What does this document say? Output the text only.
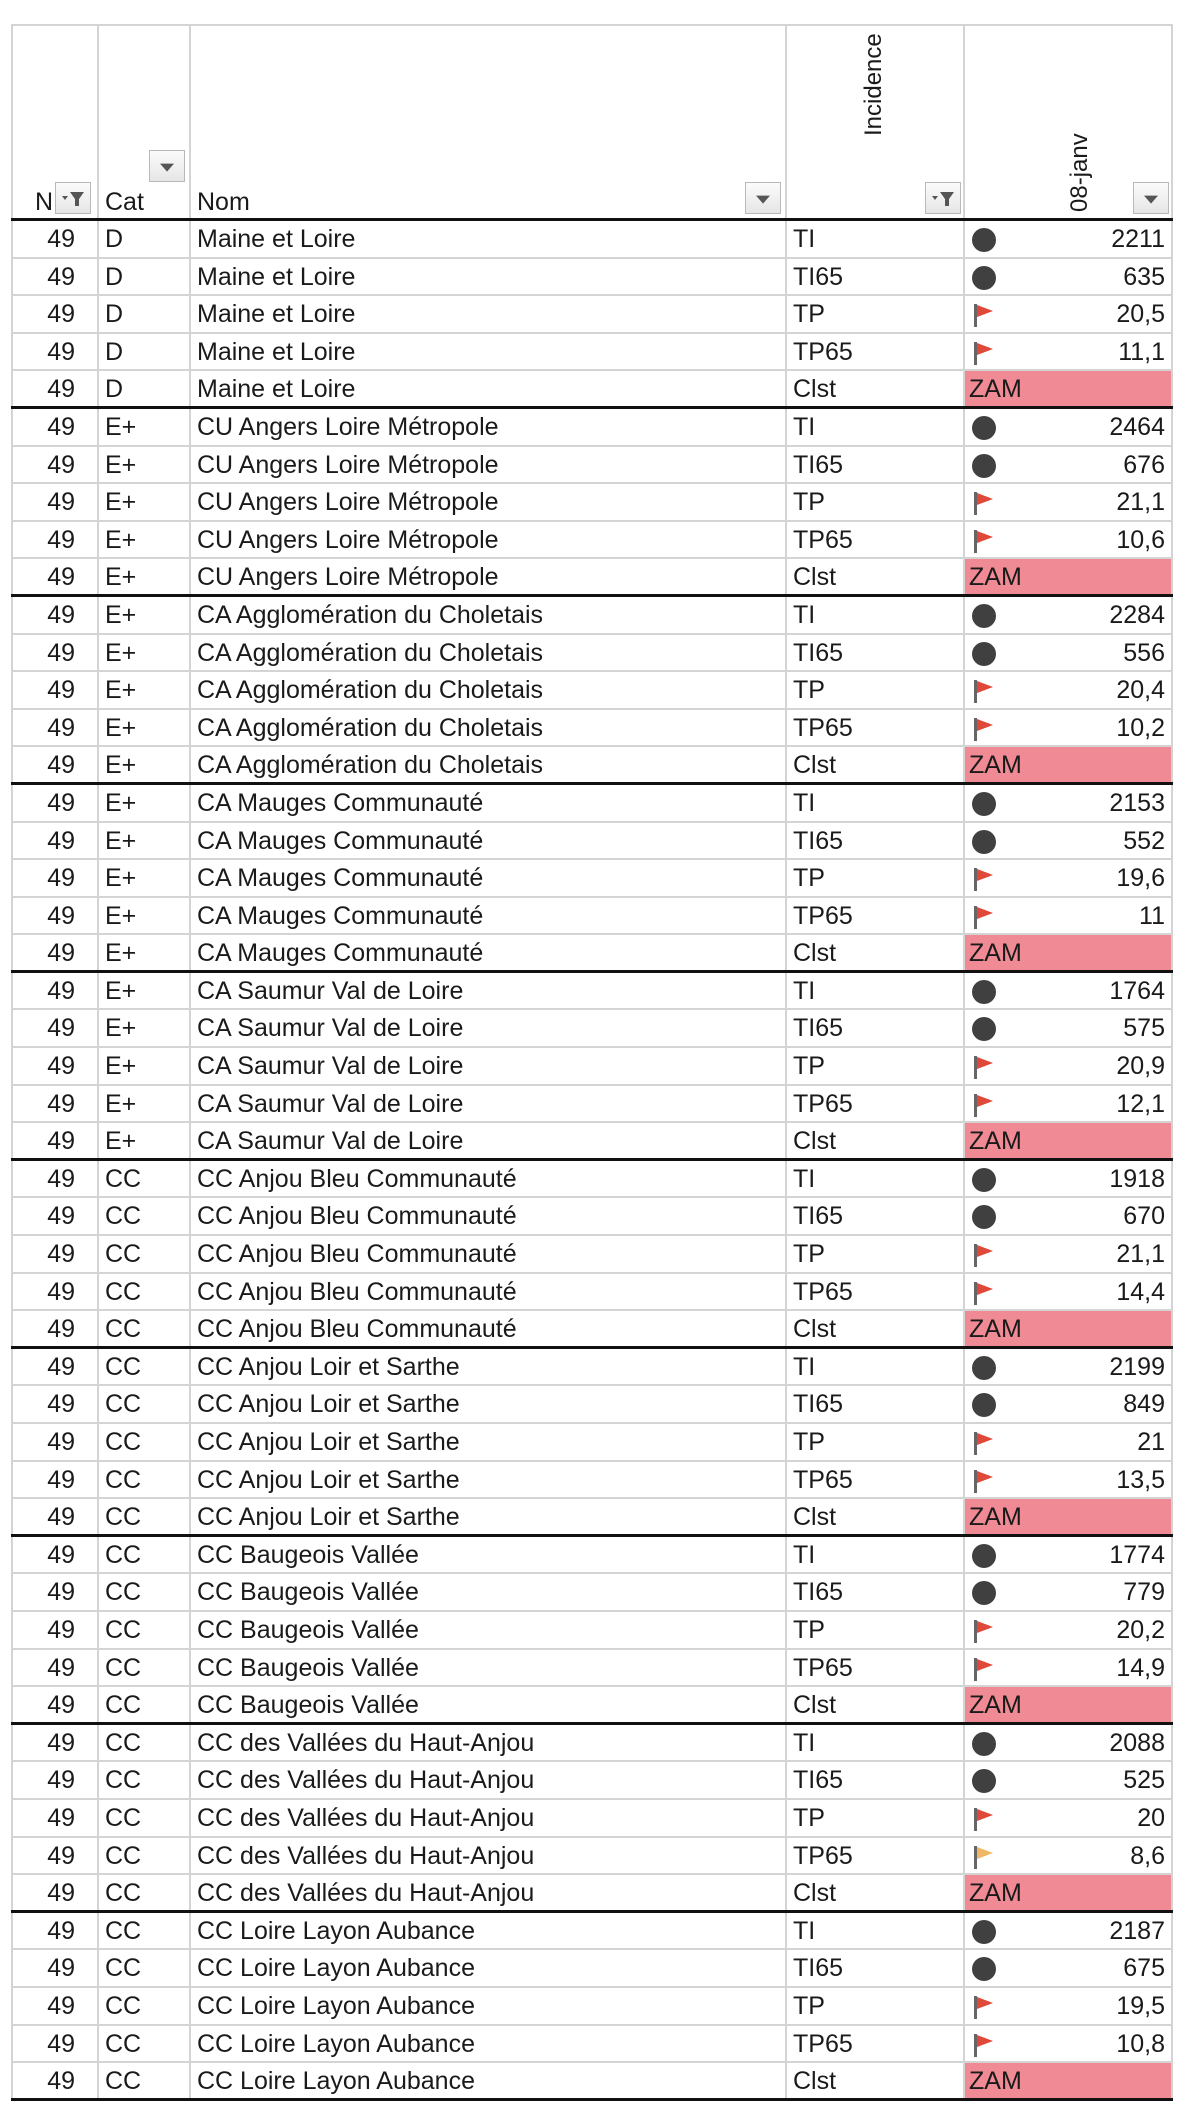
N Cat Nom
Incidence
08-janv
49	D	Maine et Loire	TI	2211
49	D	Maine et Loire	TI65	635
49	D	Maine et Loire	TP	20,5
49	D	Maine et Loire	TP65	11,1
49	D	Maine et Loire	Clst	ZAM
49	E+	CU Angers Loire Métropole	TI	2464
49	E+	CU Angers Loire Métropole	TI65	676
49	E+	CU Angers Loire Métropole	TP	21,1
49	E+	CU Angers Loire Métropole	TP65	10,6
49	E+	CU Angers Loire Métropole	Clst	ZAM
49	E+	CA Agglomération du Choletais	TI	2284
49	E+	CA Agglomération du Choletais	TI65	556
49	E+	CA Agglomération du Choletais	TP	20,4
49	E+	CA Agglomération du Choletais	TP65	10,2
49	E+	CA Agglomération du Choletais	Clst	ZAM
49	E+	CA Mauges Communauté	TI	2153
49	E+	CA Mauges Communauté	TI65	552
49	E+	CA Mauges Communauté	TP	19,6
49	E+	CA Mauges Communauté	TP65	11
49	E+	CA Mauges Communauté	Clst	ZAM
49	E+	CA Saumur Val de Loire	TI	1764
49	E+	CA Saumur Val de Loire	TI65	575
49	E+	CA Saumur Val de Loire	TP	20,9
49	E+	CA Saumur Val de Loire	TP65	12,1
49	E+	CA Saumur Val de Loire	Clst	ZAM
49	CC	CC Anjou Bleu Communauté	TI	1918
49	CC	CC Anjou Bleu Communauté	TI65	670
49	CC	CC Anjou Bleu Communauté	TP	21,1
49	CC	CC Anjou Bleu Communauté	TP65	14,4
49	CC	CC Anjou Bleu Communauté	Clst	ZAM
49	CC	CC Anjou Loir et Sarthe	TI	2199
49	CC	CC Anjou Loir et Sarthe	TI65	849
49	CC	CC Anjou Loir et Sarthe	TP	21
49	CC	CC Anjou Loir et Sarthe	TP65	13,5
49	CC	CC Anjou Loir et Sarthe	Clst	ZAM
49	CC	CC Baugeois Vallée	TI	1774
49	CC	CC Baugeois Vallée	TI65	779
49	CC	CC Baugeois Vallée	TP	20,2
49	CC	CC Baugeois Vallée	TP65	14,9
49	CC	CC Baugeois Vallée	Clst	ZAM
49	CC	CC des Vallées du Haut-Anjou	TI	2088
49	CC	CC des Vallées du Haut-Anjou	TI65	525
49	CC	CC des Vallées du Haut-Anjou	TP	20
49	CC	CC des Vallées du Haut-Anjou	TP65	8,6
49	CC	CC des Vallées du Haut-Anjou	Clst	ZAM
49	CC	CC Loire Layon Aubance	TI	2187
49	CC	CC Loire Layon Aubance	TI65	675
49	CC	CC Loire Layon Aubance	TP	19,5
49	CC	CC Loire Layon Aubance	TP65	10,8
49	CC	CC Loire Layon Aubance	Clst	ZAM
